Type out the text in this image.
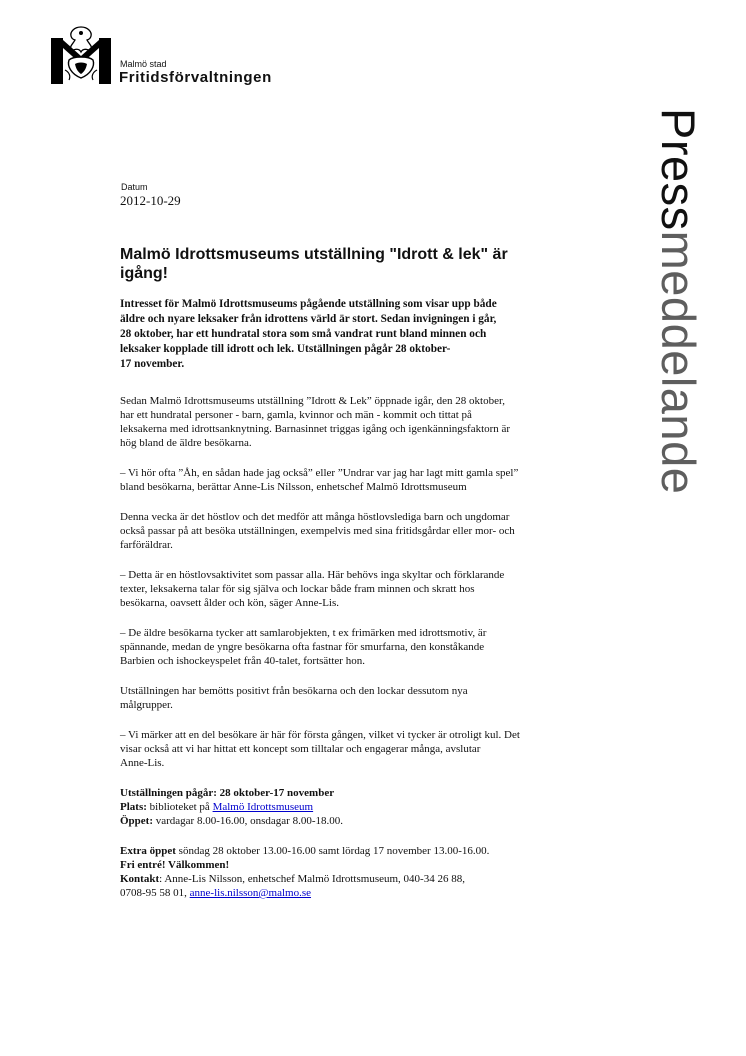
Malmö stad
Fritidsförvaltningen
Pressmeddelande
Datum
2012-10-29
Malmö Idrottsmuseums utställning "Idrott & lek" är igång!

Intresset för Malmö Idrottsmuseums pågående utställning som visar upp både
äldre och nyare leksaker från idrottens värld är stort. Sedan invigningen i går,
28 oktober, har ett hundratal stora som små vandrat runt bland minnen och
leksaker kopplade till idrott och lek. Utställningen pågår 28 oktober-
17 november.

Sedan Malmö Idrottsmuseums utställning ”Idrott & Lek” öppnade igår, den 28 oktober,
har ett hundratal personer - barn, gamla, kvinnor och män - kommit och tittat på
leksakerna med idrottsanknytning. Barnasinnet triggas igång och igenkänningsfaktorn är
hög bland de äldre besökarna.

– Vi hör ofta ”Åh, en sådan hade jag också” eller ”Undrar var jag har lagt mitt gamla spel”
bland besökarna, berättar Anne-Lis Nilsson, enhetschef Malmö Idrottsmuseum

Denna vecka är det höstlov och det medför att många höstlovslediga barn och ungdomar
också passar på att besöka utställningen, exempelvis med sina fritidsgårdar eller mor- och
farföräldrar.

– Detta är en höstlovsaktivitet som passar alla. Här behövs inga skyltar och förklarande
texter, leksakerna talar för sig själva och lockar både fram minnen och skratt hos
besökarna, oavsett ålder och kön, säger Anne-Lis.

– De äldre besökarna tycker att samlarobjekten, t ex frimärken med idrottsmotiv, är
spännande, medan de yngre besökarna ofta fastnar för smurfarna, den konståkande
Barbien och ishockeyspelet från 40-talet, fortsätter hon.

Utställningen har bemötts positivt från besökarna och den lockar dessutom nya
målgrupper.

– Vi märker att en del besökare är här för första gången, vilket vi tycker är otroligt kul. Det
visar också att vi har hittat ett koncept som tilltalar och engagerar många, avslutar
Anne-Lis.

Utställningen pågår: 28 oktober-17 november
Plats: biblioteket på Malmö Idrottsmuseum
Öppet: vardagar 8.00-16.00, onsdagar 8.00-18.00.

Extra öppet söndag 28 oktober 13.00-16.00 samt lördag 17 november 13.00-16.00.
Fri entré! Välkommen!
Kontakt: Anne-Lis Nilsson, enhetschef Malmö Idrottsmuseum, 040-34 26 88,
0708-95 58 01, anne-lis.nilsson@malmo.se
